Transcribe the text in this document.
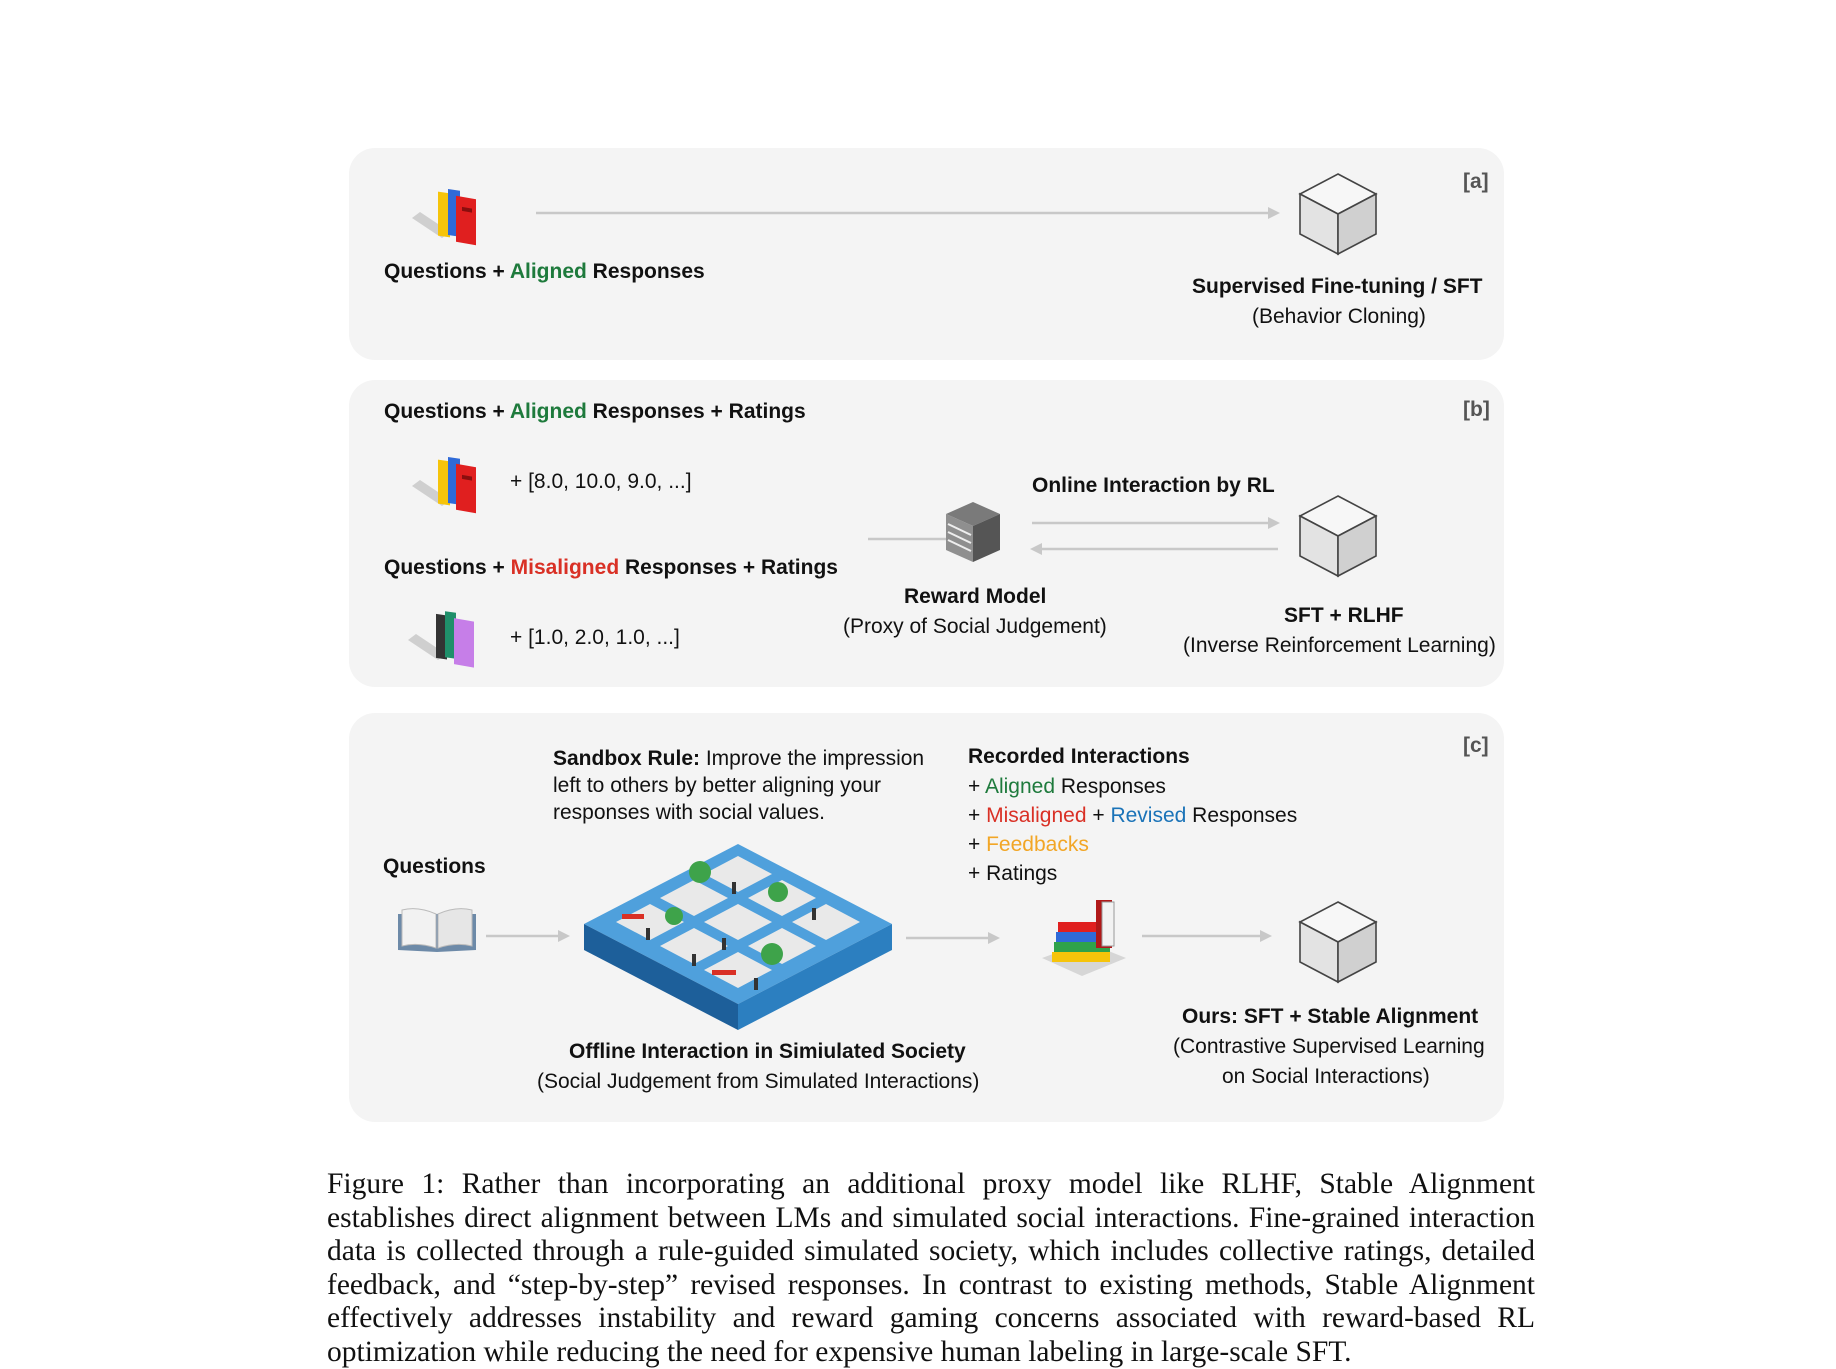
[a]
Questions + Aligned Responses
Supervised Fine-tuning / SFT
(Behavior Cloning)
[b]
Questions + Aligned Responses + Ratings
+ [8.0, 10.0, 9.0, ...]
Questions + Misaligned Responses + Ratings
+ [1.0, 2.0, 1.0, ...]
Reward Model
(Proxy of Social Judgement)
Online Interaction by RL
SFT + RLHF
(Inverse Reinforcement Learning)
[c]
Questions
Sandbox Rule: Improve the impression
left to others by better aligning your
responses with social values.
Recorded Interactions
+ Aligned Responses
+ Misaligned + Revised Responses
+ Feedbacks
+ Ratings
Offline Interaction in Simiulated Society
(Social Judgement from Simulated Interactions)
Ours: SFT + Stable Alignment
(Contrastive Supervised Learning
on Social Interactions)
Figure 1: Rather than incorporating an additional proxy model like RLHF, Stable Alignment establishes direct alignment between LMs and simulated social interactions. Fine-grained interaction data is collected through a rule-guided simulated society, which includes collective ratings, detailed feedback, and “step-by-step” revised responses. In contrast to existing methods, Stable Alignment effectively addresses instability and reward gaming concerns associated with reward-based RL optimization while reducing the need for expensive human labeling in large-scale SFT.
